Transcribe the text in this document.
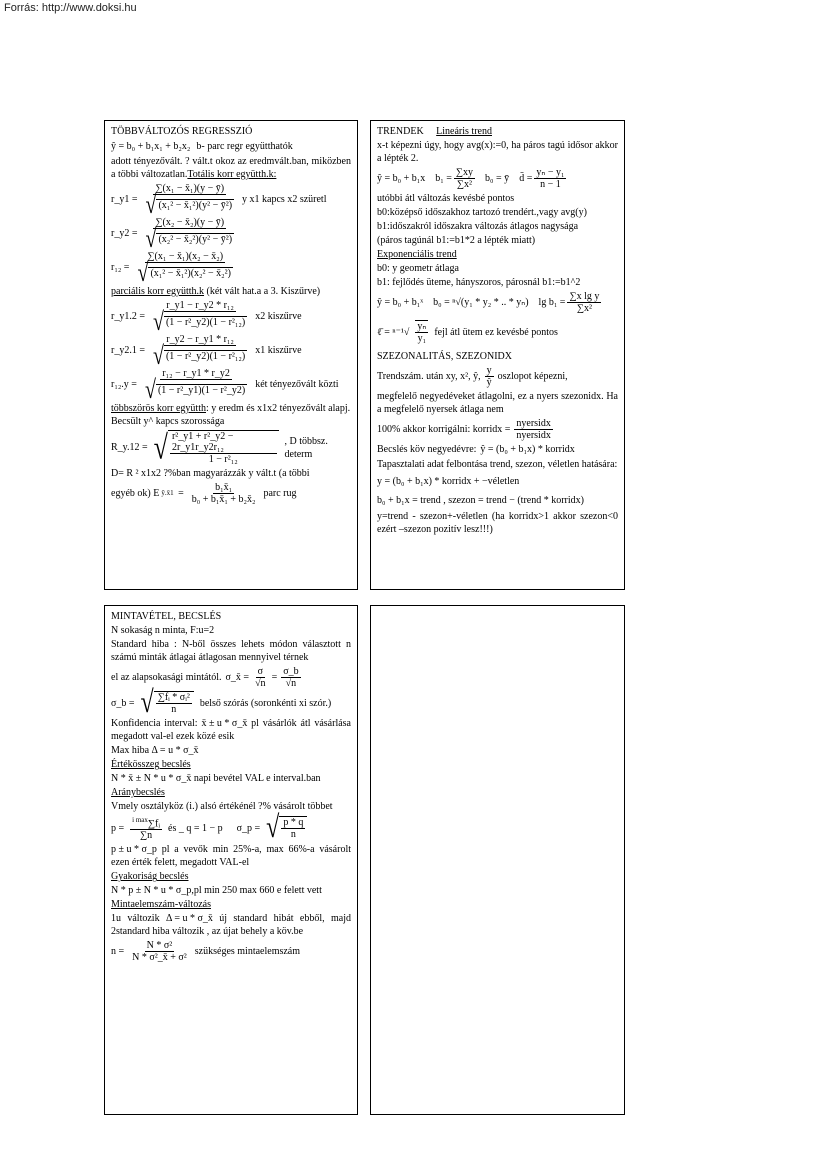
Forrás: http://www.doksi.hu
TÖBBVÁLTOZÓS REGRESSZIÓ
ŷ = b₀ + b₁x₁ + b₂x₂ b- parc regr együtthatók
adott tényezővált. ? vált.t okoz az eredmvált.ban, miközben a többi változatlan.Totális korr együtth.k:
r_y1 = $\frac{\text{∑(x₁ − x̄₁)(y − ȳ)}}{\text{√ (x₁² − x̄₁²)(y² − ȳ²)}}$ y x1 kapcs x2 szüretl
r_y2 = $\frac{\text{∑(x₂ − x̄₂)(y − ȳ)}}{\text{√ (x₂² − x̄₂²)(y² − ȳ²)}}$
$r_{12} = \frac{\text{∑(x₁ − x̄₁)(x₂ − x̄₂)}}{\text{√ (x₁² − x̄₁²)(x₂² − x̄₂²)}}$
parciális korr együtth.k (két vált hat.a a 3. Kiszűrve)
r_y1.2 = $\frac{\text{r\_y1 − r\_y2 * r₁₂}}{\text{√ (1 − r²\_y2)(1 − r²₁₂)}} x2$ kiszűrve
r_y2.1 = $\frac{\text{r\_y2 − r\_y1 * r₁₂}}{\text{√ (1 − r²\_y2)(1 − r²₁₂)}} x1$ kiszűrve
$r_{12}.y = \frac{\text{r₁₂ − r\_y1 * r\_y2}}{\text{√ (1 − r²\_y1)(1 − r²\_y2)}}$ két tényezővált közti
többszörös korr együtth: y eredm és x1x2 tényezővált alapj. Becsült y^ kapcs szorossága
R_y.12 = √ $\frac{\text{r²\_y1 + r²\_y2 − 2r\_y1r\_y2r₁₂}}{\text{1 − r²₁₂}}$ , D többsz. determ
D= R ² x1x2 ?%ban magyarázzák y vált.t (a többi
egyéb ok) E ŷ.x̄1 = $\frac{\text{b₁x̄₁}}{\text{b₀ + b₁x̄₁ + b₂x̄₂}}$ parc rug
TRENDEK Lineáris trend
x-t képezni úgy, hogy avg(x):=0, ha páros tagú idősor akkor a lépték 2.
ŷ = b₀ + b₁x $b_1 = \frac{\sum xy}{\text{∑x²}} b_0$ = ȳ d̄ = $\frac{\text{yₙ − y₁}}{n - 1}$
utóbbi átl változás kevésbé pontos
b0:középső időszakhoz tartozó trendért.,vagy avg(y)
b1:időszakról időszakra változás átlagos nagysága
(páros tagúnál b1:=b1*2 a lépték miatt)
Exponenciális trend
b0: y geometr átlaga
b1: fejlődés üteme, hányszoros, párosnál b1:=b1^2
ŷ = b₀ + b₁ˣ b₀ = ⁿ√(y₁ * y₂ * .. * yₙ) $\lg b_1 = \frac{\text{∑x lg y}}{\text{∑x²}}$
ℓ̄ = $^{n-1}√ \frac{\text{yₙ}}{\text{y₁}}$ fejl átl ütem ez kevésbé pontos
SZEZONALITÁS, SZEZONIDX
Trendszám. után xy, x², ŷ, $\frac{y}{ŷ}$ oszlopot képezni,
megfelelő negyedéveket átlagolni, ez a nyers szezonidx. Ha a megfelelő nyersek átlaga nem
100% akkor korrigálni: korridx = $\frac{\text{nyersidx}}{\text{nyersidx}}$
Becslés köv negyedévre: ŷ = (b₀ + b₁x) * korridx
Tapasztalati adat felbontása trend, szezon, véletlen hatására:
y = (b₀ + b₁x) * korridx + −véletlen b₀ + b₁x = trend , szezon = trend − (trend * korridx)
y=trend - szezon+-véletlen (ha korridx>1 akkor szezon<0 ezért –szezon pozitív lesz!!!)
MINTAVÉTEL, BECSLÉS
N sokaság n minta, F:u=2
Standard hiba : N-ből összes lehets módon választott n számú minták átlagai átlagosan mennyivel térnek
el az alapsokasági mintától. σ_x̄ = $\frac{\sigma}{√n} = \frac{\sigma\_b}{√n}$
σ_b = √ $\frac{\text{∑fᵢ * σᵢ²}}{n}$ belső szórás (soronkénti xi szór.)
Konfidencia interval: x̄ ± u * σ_x̄ pl vásárlók átl vásárlása megadott val-el ezek közé esik
Max hiba Δ = u * σ_x̄
Értékösszeg becslés
N * x̄ ± N * u * σ_x̄ napi bevétel VAL e interval.ban
Aránybecslés
Vmely osztályköz (i.) alsó értékénél ?% vásárolt többet
$p = \frac{^{i max}\sum fᵢ}{\sum n}$ és _ q = 1 − p σ_p = √ $\frac{p * q}{n}$
p ± u * σ_p pl a vevők min 25%-a, max 66%-a vásárolt ezen érték felett, megadott VAL-el
Gyakoriság becslés
N * p ± N * u * σ_p,pl min 250 max 660 e felett vett
Mintaelemszám-változás
1u változik Δ = u * σ_x̄ új standard hibát ebből, majd 2standard hiba változik , az újat behely a köv.be
$n = \frac{\text{N * σ²}}{\text{N * σ²\_x̄ + σ²}}$ szükséges mintaelemszám
